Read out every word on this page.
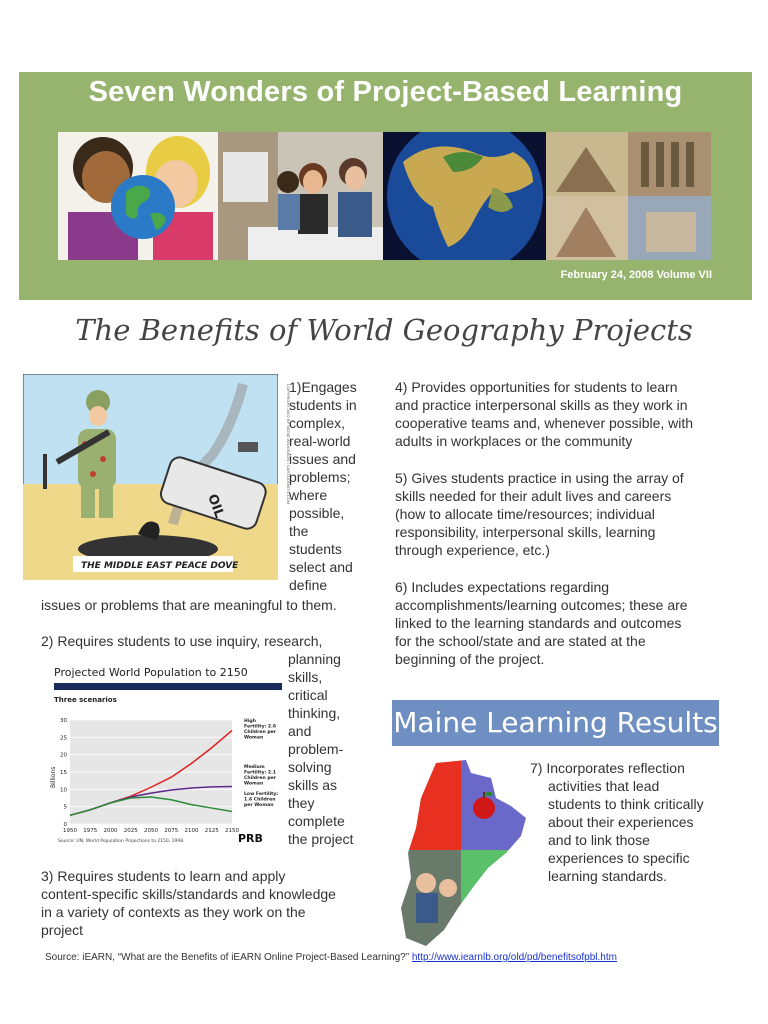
Seven Wonders of Project-Based Learning
February 24, 2008 Volume VII
The Benefits of World Geography Projects
OIL
THE MIDDLE EAST PEACE DOVE
COPYRIGHT 2002 BY SIGNE WILKINSON • CARTOONISTS.COM
1)Engages
students in
complex,
real-world
issues and
problems;
where
possible,
the
students
select and
define
issues or problems that are meaningful to them.
2) Requires students to use inquiry, research,
planning
skills,
critical
thinking,
and
problem-
solving
skills as
they
complete
the project
Projected World Population to 2150
Three scenarios
0
5
10
15
20
25
30
1950 1975 2000 2025 2050 2075 2100 2125 2150
High Fertility: 2.6 Children per Woman
Medium Fertility: 2.1 Children per Woman
Low Fertility: 1.6 Children per Woman
Billions
Source: UN, World Population Projections to 2150, 1998.	PRB
3) Requires students to learn and apply
content-specific skills/standards and knowledge
in a variety of contexts as they work on the
project
4) Provides opportunities for students to learn
and practice interpersonal skills as they work in
cooperative teams and, whenever possible, with
adults in workplaces or the community
5) Gives students practice in using the array of
skills needed for their adult lives and careers
(how to allocate time/resources; individual
responsibility, interpersonal skills, learning
through experience, etc.)
6) Includes expectations regarding
accomplishments/learning outcomes; these are
linked to the learning standards and outcomes
for the school/state and are stated at the
beginning of the project.
Maine Learning Results
7) Incorporates reflection
activities that lead
students to think critically
about their experiences
and to link those
experiences to specific
learning standards.
Source: iEARN, “What are the Benefits of iEARN Online Project-Based Learning?” http://www.iearnlb.org/old/pd/benefitsofpbl.htm
